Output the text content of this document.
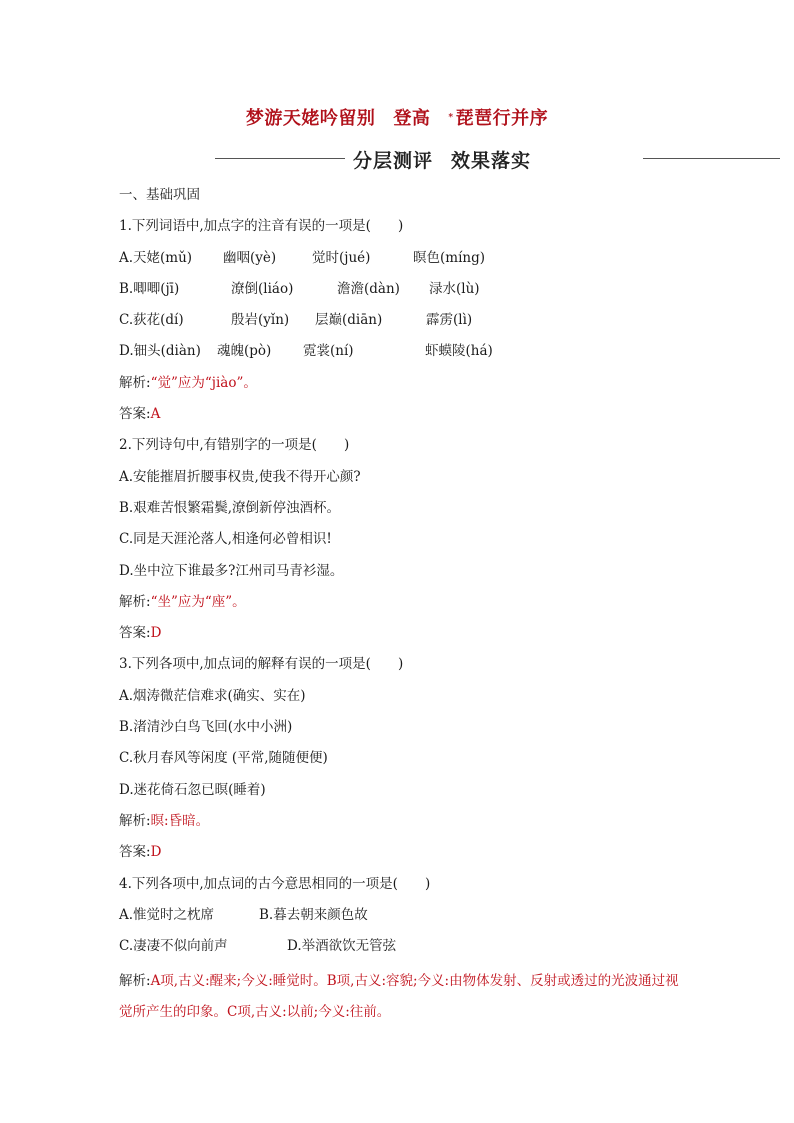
梦游天姥吟留别 登高 * 琵琶行并序
分层测评 效果落实
一、基础巩固
1.下列词语中,加点字的注音有误的一项是(　　)
A.天姥(mǔ) 幽咽(yè)	觉时(jué)	暝色(míng)
B.唧唧(jī)	潦倒(liáo)	澹澹(dàn) 渌水(lù)
C.荻花(dí)	殷岩(yǐn) 层巅(diān)	霹雳(lì)
D.钿头(diàn) 魂魄(pò) 霓裳(ní)	虾蟆陵(há)
解析:“觉”应为“jiào”。
答案:A
2.下列诗句中,有错别字的一项是(　　)
A.安能摧眉折腰事权贵,使我不得开心颜?
B.艰难苦恨繁霜鬓,潦倒新停浊酒杯。
C.同是天涯沦落人,相逢何必曾相识!
D.坐中泣下谁最多?江州司马青衫湿。
解析:“坐”应为“座”。
答案:D
3.下列各项中,加点词的解释有误的一项是(　　)
A.烟涛微茫信难求(确实、实在)
B.渚清沙白鸟飞回(水中小洲)
C.秋月春风等闲度 (平常,随随便便)
D.迷花倚石忽已暝(睡着)
解析:暝:昏暗。
答案:D
4.下列各项中,加点词的古今意思相同的一项是(　　)
A.惟觉时之枕席	B.暮去朝来颜色故
C.凄凄不似向前声	D.举酒欲饮无管弦
解析:A项,古义:醒来;今义:睡觉时。B项,古义:容貌;今义:由物体发射、反射或透过的光波通过视觉所产生的印象。C项,古义:以前;今义:往前。
